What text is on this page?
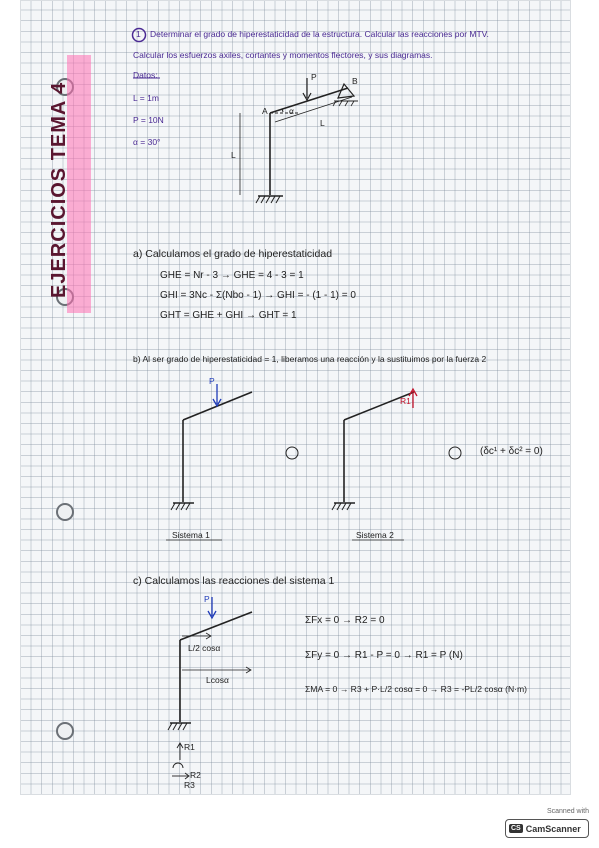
EJERCICIOS TEMA 4
1 Determinar el grado de hiperestaticidad de la estructura. Calcular las reacciones por MTV.
Calcular los esfuerzos axiles, cortantes y momentos flectores, y sus diagramas.
Datos:
L = 1m
P = 10N
α = 30°
P
A
B
α
L
L
a) Calculamos el grado de hiperestaticidad
GHE = Nr - 3 → GHE = 4 - 3 = 1
GHI = 3Nc - Σ(Nbo - 1) → GHI = - (1 - 1) = 0
GHT = GHE + GHI → GHT = 1
b) Al ser grado de hiperestaticidad = 1, liberamos una reacción y la sustituimos por la fuerza 2
P
R1
(δc¹ + δc² = 0)
Sistema 1	Sistema 2
c) Calculamos las reacciones del sistema 1
P
L/2 cosα
Lcosα
R1
R2
R3
ΣFx = 0 → R2 = 0
ΣFy = 0 → R1 - P = 0 → R1 = P (N)
ΣMA = 0 → R3 + P·L/2 cosα = 0 → R3 = -PL/2 cosα (N·m)
Scanned with
CS CamScanner
